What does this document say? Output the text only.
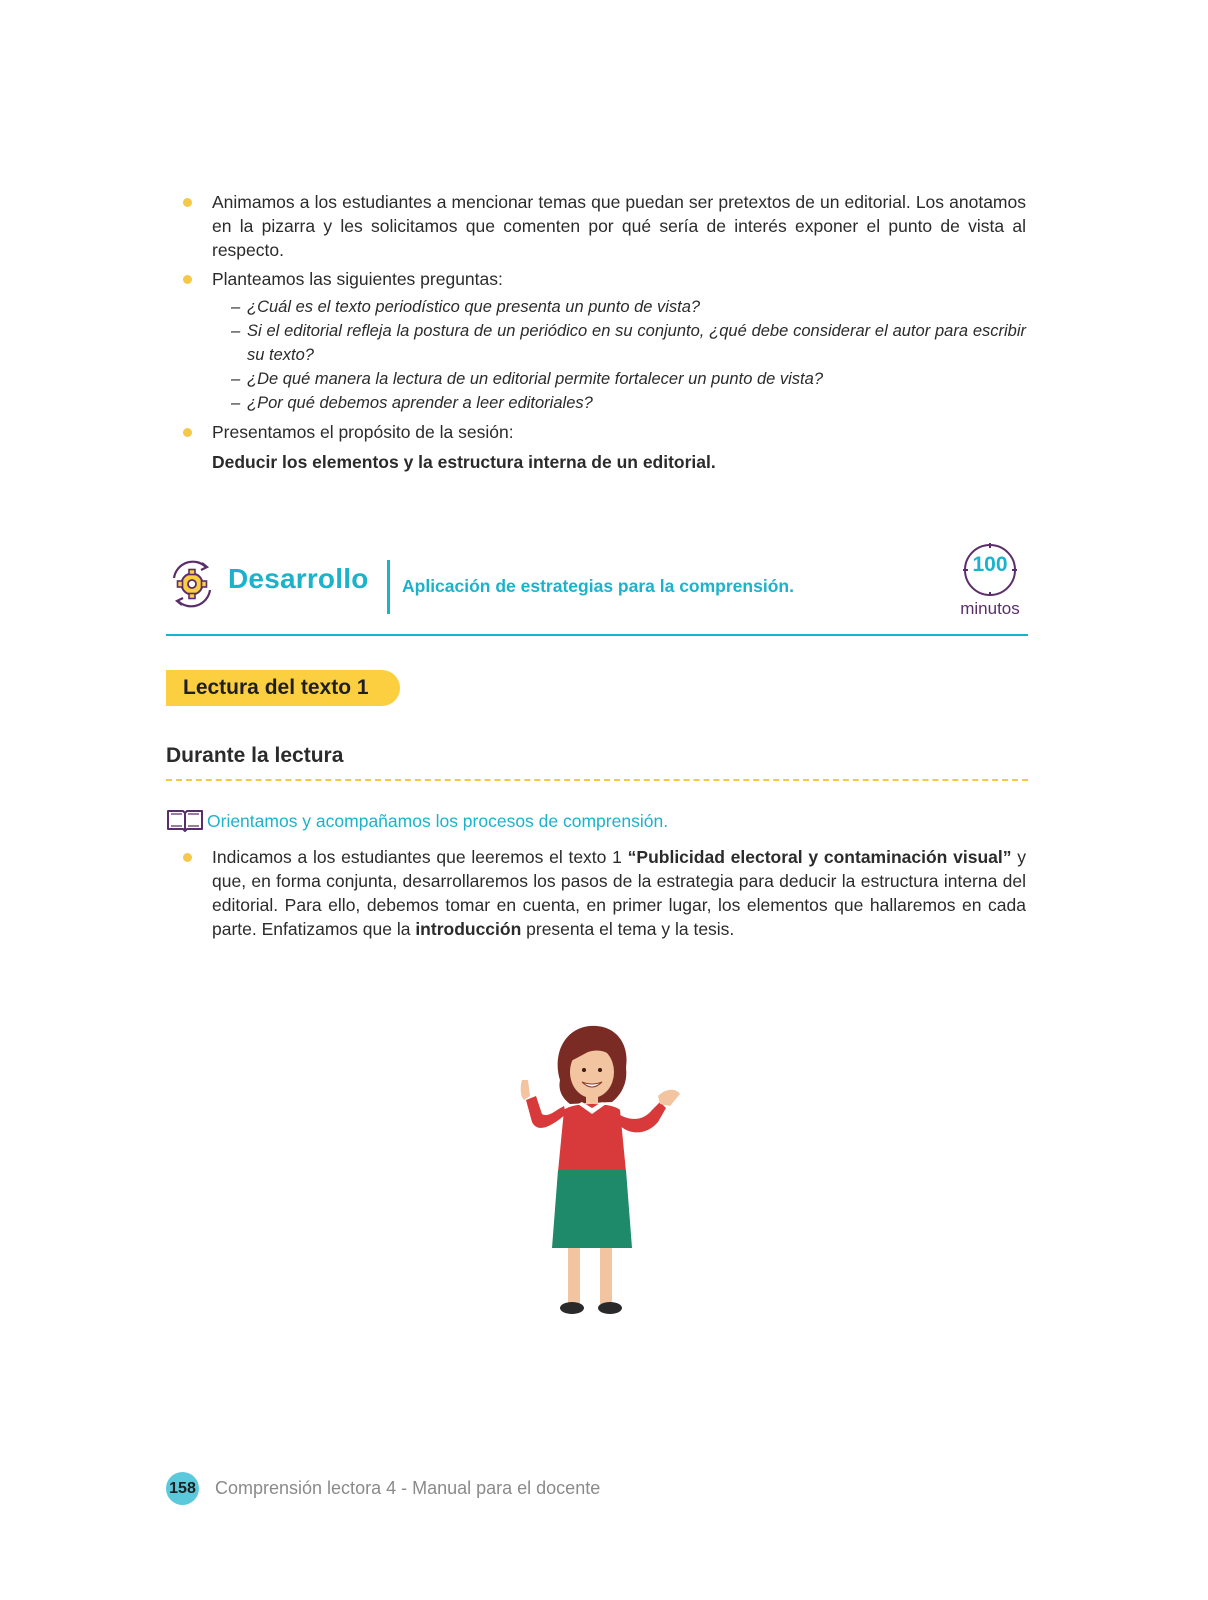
Animamos a los estudiantes a mencionar temas que puedan ser pretextos de un editorial. Los anotamos en la pizarra y les solicitamos que comenten por qué sería de interés exponer el punto de vista al respecto.
Planteamos las siguientes preguntas:
– ¿Cuál es el texto periodístico que presenta un punto de vista?
– Si el editorial refleja la postura de un periódico en su conjunto, ¿qué debe considerar el autor para escribir su texto?
– ¿De qué manera la lectura de un editorial permite fortalecer un punto de vista?
– ¿Por qué debemos aprender a leer editoriales?
Presentamos el propósito de la sesión:
Deducir los elementos y la estructura interna de un editorial.
Desarrollo Aplicación de estrategias para la comprensión.
100
minutos
Lectura del texto 1
Durante la lectura
Orientamos y acompañamos los procesos de comprensión.
Indicamos a los estudiantes que leeremos el texto 1 “Publicidad electoral y contaminación visual” y que, en forma conjunta, desarrollaremos los pasos de la estrategia para deducir la estructura interna del editorial. Para ello, debemos tomar en cuenta, en primer lugar, los elementos que hallaremos en cada parte. Enfatizamos que la introducción presenta el tema y la tesis.
158 Comprensión lectora 4 - Manual para el docente
